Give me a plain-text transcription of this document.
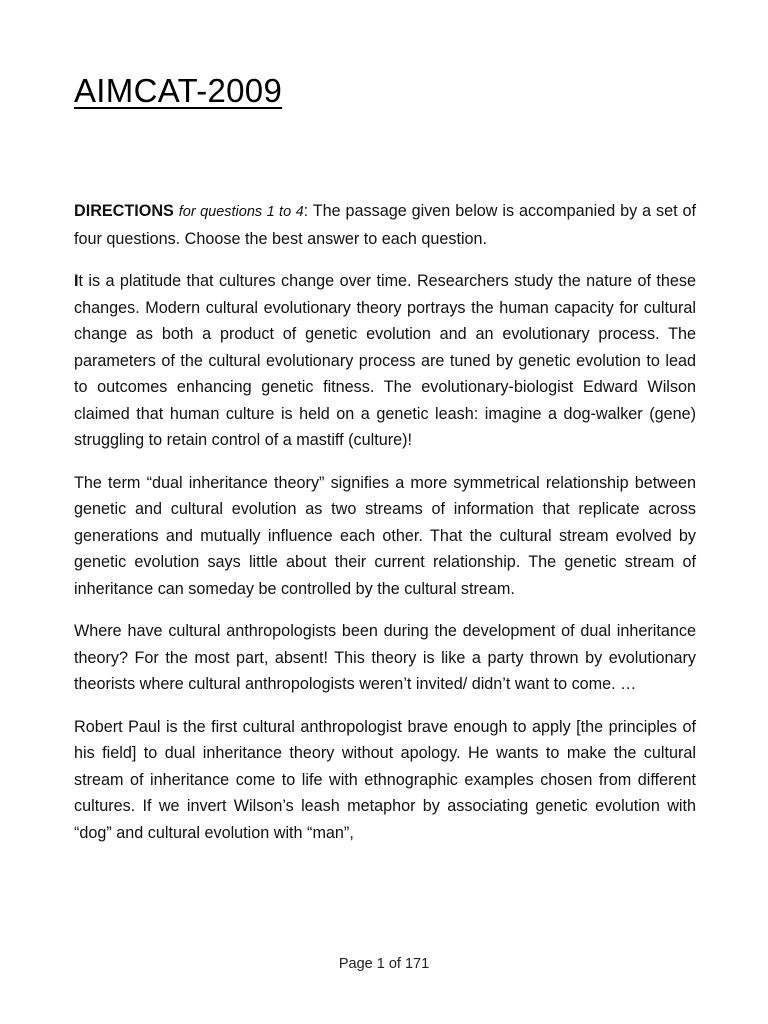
AIMCAT-2009

DIRECTIONS for questions 1 to 4: The passage given below is accompanied by a set of four questions. Choose the best answer to each question.

It is a platitude that cultures change over time. Researchers study the nature of these changes. Modern cultural evolutionary theory portrays the human capacity for cultural change as both a product of genetic evolution and an evolutionary process. The parameters of the cultural evolutionary process are tuned by genetic evolution to lead to outcomes enhancing genetic fitness. The evolutionary-biologist Edward Wilson claimed that human culture is held on a genetic leash: imagine a dog-walker (gene) struggling to retain control of a mastiff (culture)!

The term “dual inheritance theory” signifies a more symmetrical relationship between genetic and cultural evolution as two streams of information that replicate across generations and mutually influence each other. That the cultural stream evolved by genetic evolution says little about their current relationship. The genetic stream of inheritance can someday be controlled by the cultural stream.

Where have cultural anthropologists been during the development of dual inheritance theory? For the most part, absent! This theory is like a party thrown by evolutionary theorists where cultural anthropologists weren’t invited/ didn’t want to come. …

Robert Paul is the first cultural anthropologist brave enough to apply [the principles of his field] to dual inheritance theory without apology. He wants to make the cultural stream of inheritance come to life with ethnographic examples chosen from different cultures. If we invert Wilson’s leash metaphor by associating genetic evolution with “dog” and cultural evolution with “man”,

Page 1 of 171
